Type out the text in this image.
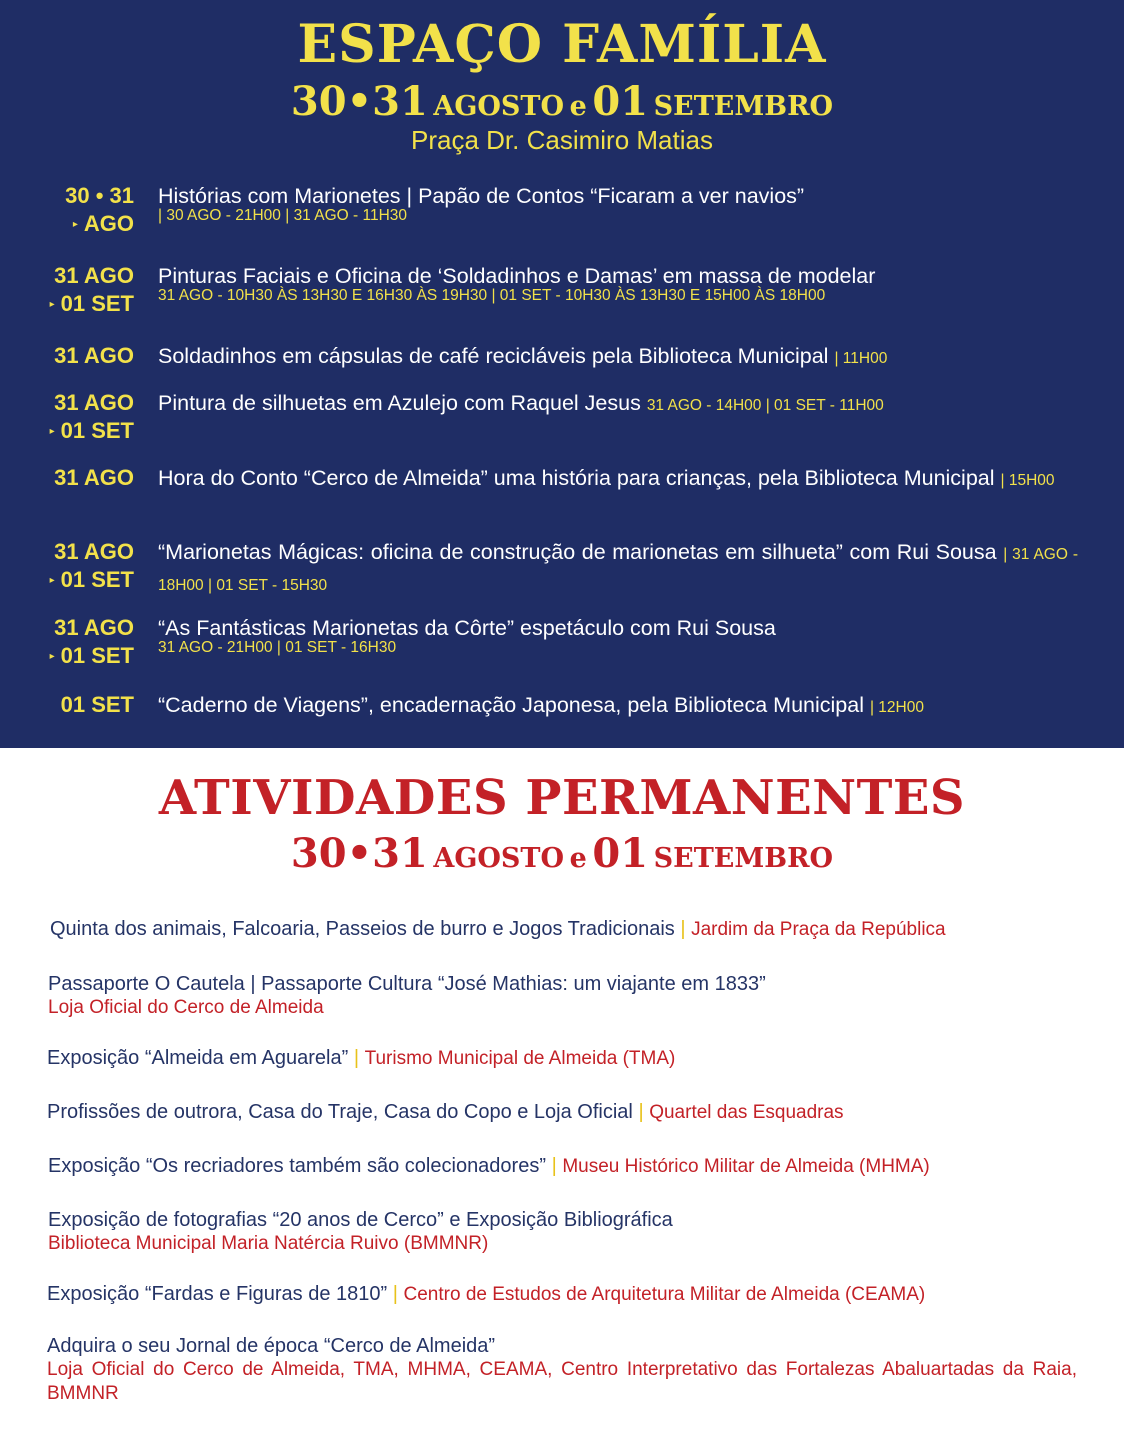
ESPAÇO FAMÍLIA
30•31 AGOSTO e 01 SETEMBRO
Praça Dr. Casimiro Matias
30 • 31
▸ AGO
Histórias com Marionetes | Papão de Contos “Ficaram a ver navios”
| 30 AGO - 21H00 | 31 AGO - 11H30
31 AGO
▸ 01 SET
Pinturas Faciais e Oficina de ‘Soldadinhos e Damas’ em massa de modelar
31 AGO - 10H30 ÀS 13H30 E 16H30 ÀS 19H30 | 01 SET - 10H30 ÀS 13H30 E 15H00 ÀS 18H00
31 AGO Soldadinhos em cápsulas de café recicláveis pela Biblioteca Municipal | 11H00
31 AGO
▸ 01 SET
Pintura de silhuetas em Azulejo com Raquel Jesus 31 AGO - 14H00 | 01 SET - 11H00
31 AGO Hora do Conto “Cerco de Almeida” uma história para crianças, pela Biblioteca Municipal | 15H00
31 AGO
▸ 01 SET
“Marionetas Mágicas: oficina de construção de marionetas em silhueta” com Rui Sousa | 31 AGO - 18H00 | 01 SET - 15H30
31 AGO
▸ 01 SET
“As Fantásticas Marionetas da Côrte” espetáculo com Rui Sousa
31 AGO - 21H00 | 01 SET - 16H30
01 SET “Caderno de Viagens”, encadernação Japonesa, pela Biblioteca Municipal | 12H00
ATIVIDADES PERMANENTES
30•31 AGOSTO e 01 SETEMBRO
Quinta dos animais, Falcoaria, Passeios de burro e Jogos Tradicionais | Jardim da Praça da República
Passaporte O Cautela | Passaporte Cultura “José Mathias: um viajante em 1833”
Loja Oficial do Cerco de Almeida
Exposição “Almeida em Aguarela” | Turismo Municipal de Almeida (TMA)
Profissões de outrora, Casa do Traje, Casa do Copo e Loja Oficial | Quartel das Esquadras
Exposição “Os recriadores também são colecionadores” | Museu Histórico Militar de Almeida (MHMA)
Exposição de fotografias “20 anos de Cerco” e Exposição Bibliográfica
Biblioteca Municipal Maria Natércia Ruivo (BMMNR)
Exposição “Fardas e Figuras de 1810” | Centro de Estudos de Arquitetura Militar de Almeida (CEAMA)
Adquira o seu Jornal de época “Cerco de Almeida”
Loja Oficial do Cerco de Almeida, TMA, MHMA, CEAMA, Centro Interpretativo das Fortalezas Abaluartadas da Raia, BMMNR
